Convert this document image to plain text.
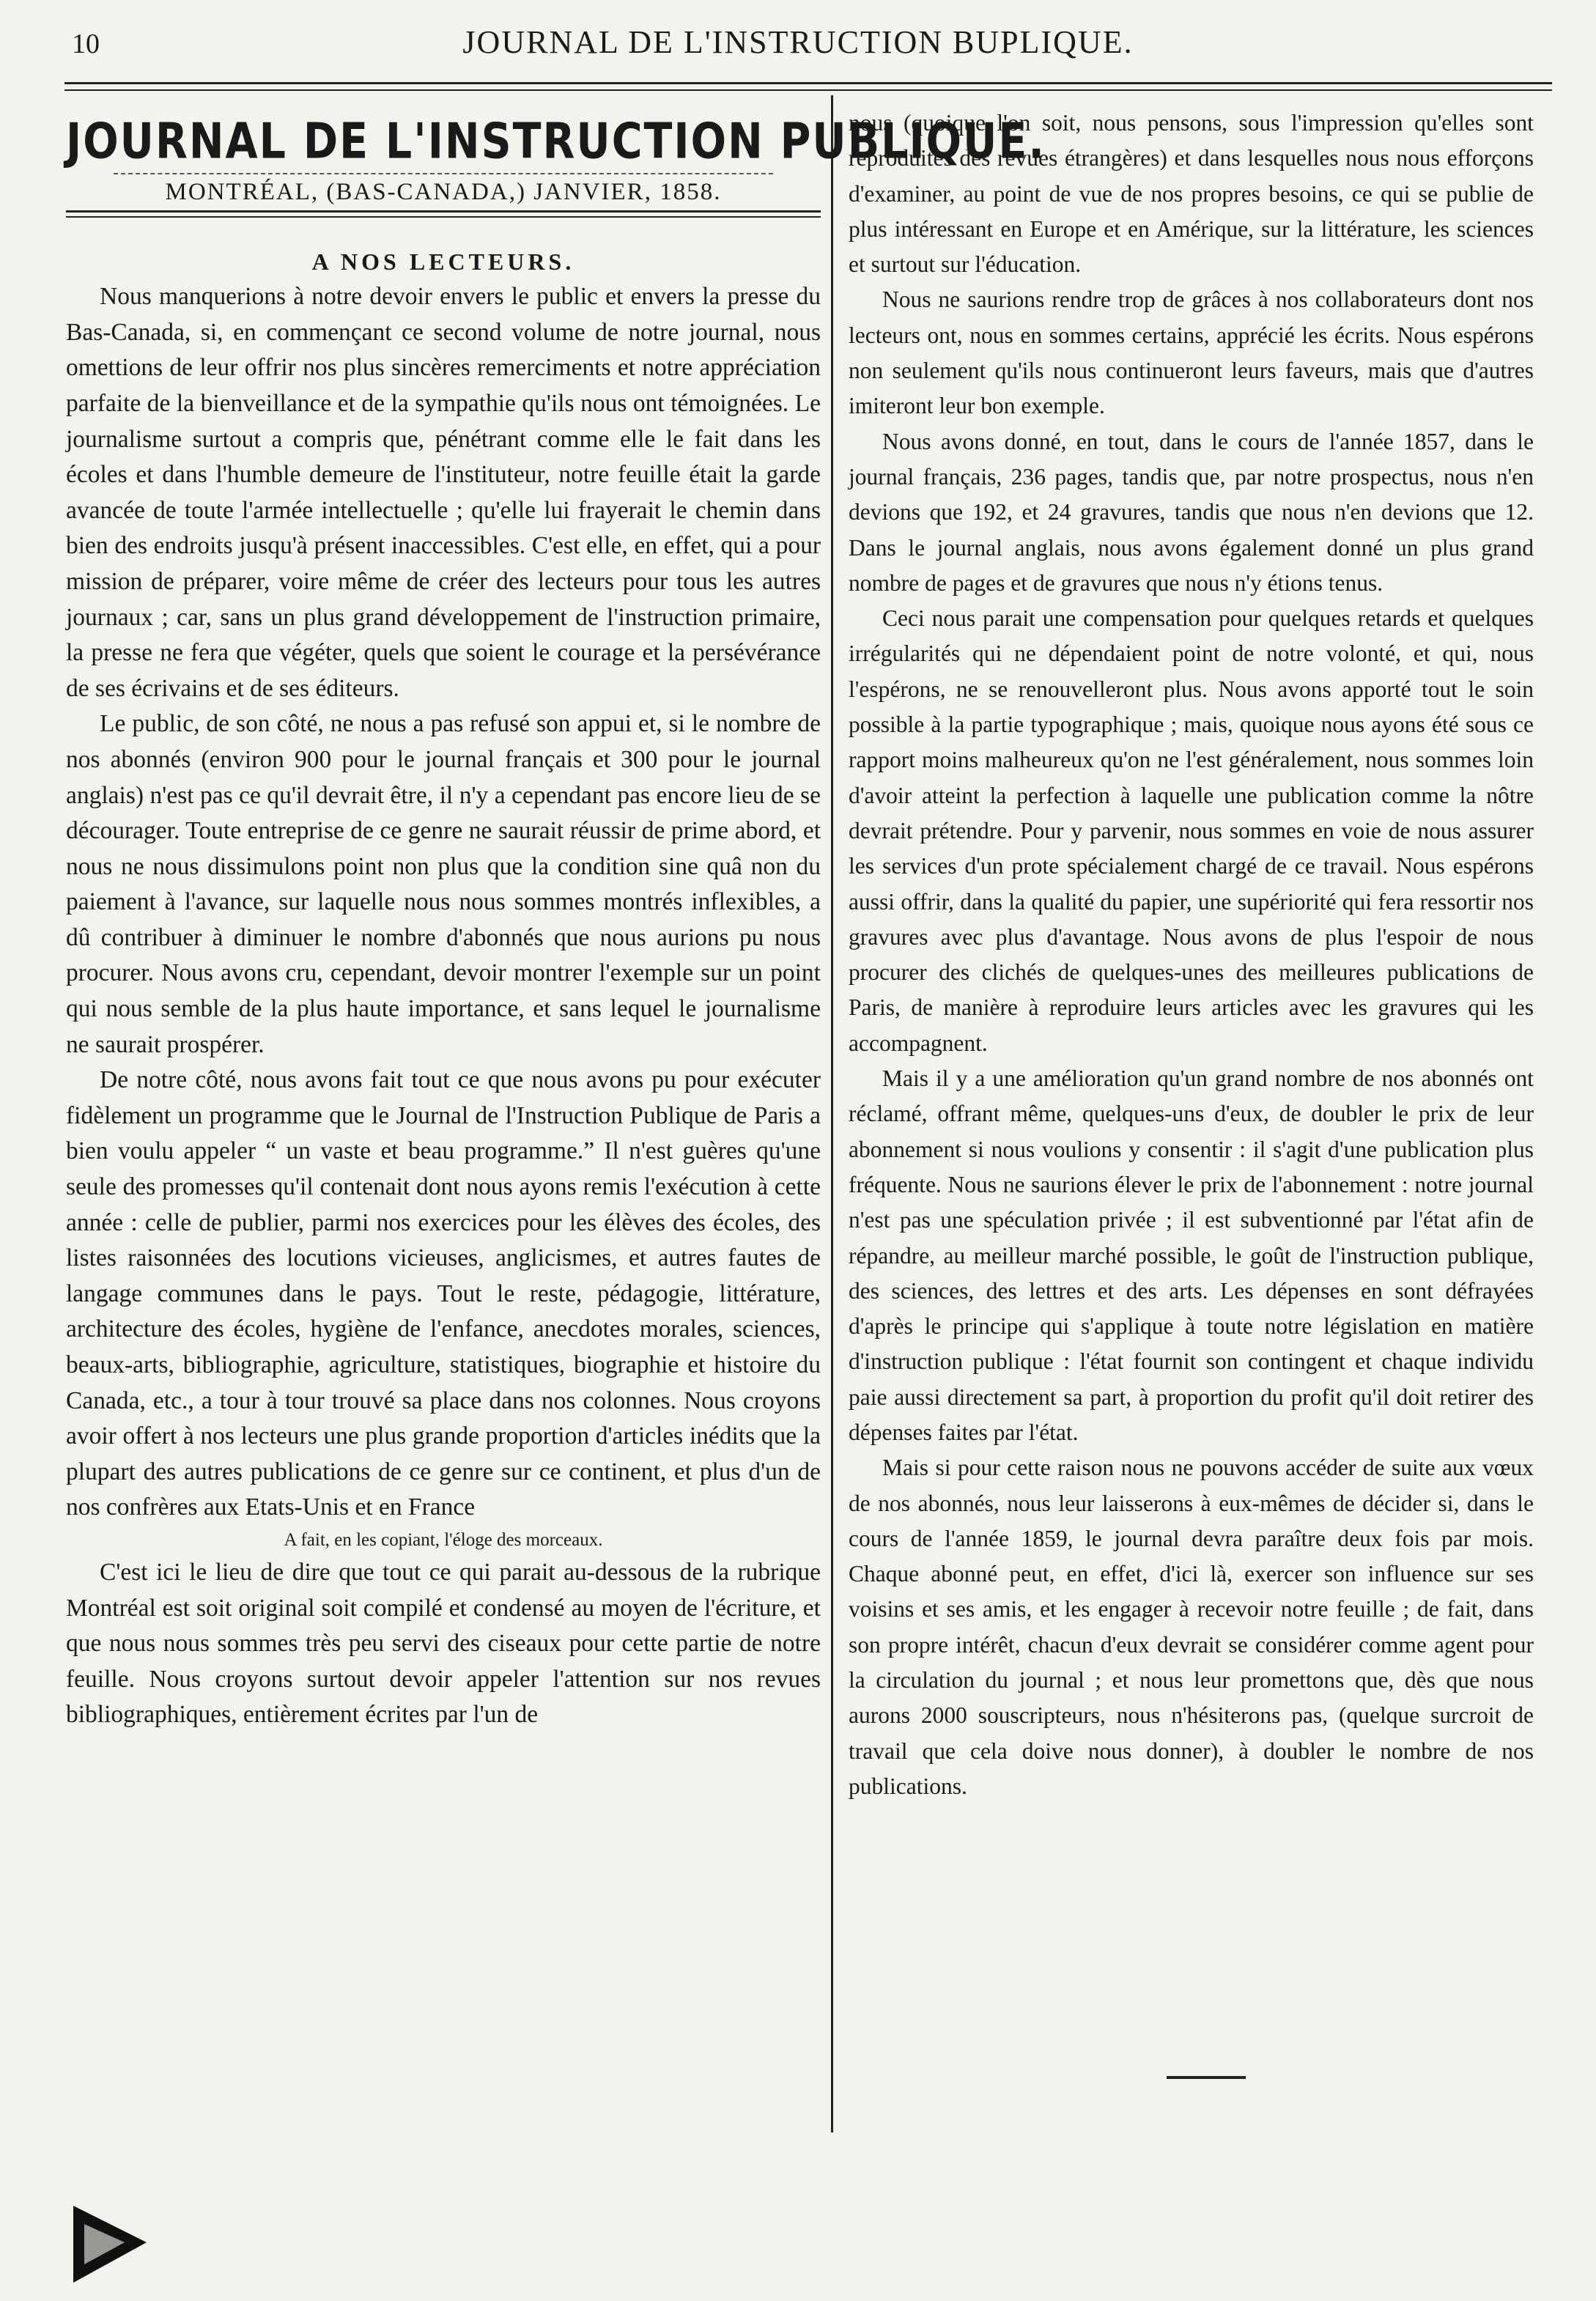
10	JOURNAL DE L'INSTRUCTION BUPLIQUE.
JOURNAL DE L'INSTRUCTION PUBLIQUE.

MONTRÉAL, (BAS-CANADA,) JANVIER, 1858.

A NOS LECTEURS.

Nous manquerions à notre devoir envers le public et envers la presse du Bas-Canada, si, en commençant ce second volume de notre journal, nous omettions de leur offrir nos plus sincères remerciments et notre appréciation parfaite de la bienveillance et de la sympathie qu'ils nous ont témoignées. Le journalisme surtout a compris que, pénétrant comme elle le fait dans les écoles et dans l'humble demeure de l'instituteur, notre feuille était la garde avancée de toute l'armée intellectuelle ; qu'elle lui frayerait le chemin dans bien des endroits jusqu'à présent inaccessibles. C'est elle, en effet, qui a pour mission de préparer, voire même de créer des lecteurs pour tous les autres journaux ; car, sans un plus grand développement de l'instruction primaire, la presse ne fera que végéter, quels que soient le courage et la persévérance de ses écrivains et de ses éditeurs.

Le public, de son côté, ne nous a pas refusé son appui et, si le nombre de nos abonnés (environ 900 pour le journal français et 300 pour le journal anglais) n'est pas ce qu'il devrait être, il n'y a cependant pas encore lieu de se décourager. Toute entreprise de ce genre ne saurait réussir de prime abord, et nous ne nous dissimulons point non plus que la condition sine quâ non du paiement à l'avance, sur laquelle nous nous sommes montrés inflexibles, a dû contribuer à diminuer le nombre d'abonnés que nous aurions pu nous procurer. Nous avons cru, cependant, devoir montrer l'exemple sur un point qui nous semble de la plus haute importance, et sans lequel le journalisme ne saurait prospérer.

De notre côté, nous avons fait tout ce que nous avons pu pour exécuter fidèlement un programme que le Journal de l'Instruction Publique de Paris a bien voulu appeler “ un vaste et beau programme.” Il n'est guères qu'une seule des promesses qu'il contenait dont nous ayons remis l'exécution à cette année : celle de publier, parmi nos exercices pour les élèves des écoles, des listes raisonnées des locutions vicieuses, anglicismes, et autres fautes de langage communes dans le pays. Tout le reste, pédagogie, littérature, architecture des écoles, hygiène de l'enfance, anecdotes morales, sciences, beaux-arts, bibliographie, agriculture, statistiques, biographie et histoire du Canada, etc., a tour à tour trouvé sa place dans nos colonnes. Nous croyons avoir offert à nos lecteurs une plus grande proportion d'articles inédits que la plupart des autres publications de ce genre sur ce continent, et plus d'un de nos confrères aux Etats-Unis et en France

A fait, en les copiant, l'éloge des morceaux.

C'est ici le lieu de dire que tout ce qui parait au-dessous de la rubrique Montréal est soit original soit compilé et condensé au moyen de l'écriture, et que nous nous sommes très peu servi des ciseaux pour cette partie de notre feuille. Nous croyons surtout devoir appeler l'attention sur nos revues bibliographiques, entièrement écrites par l'un de

nous (quoique l'on soit, nous pensons, sous l'impression qu'elles sont reproduites des revues étrangères) et dans lesquelles nous nous efforçons d'examiner, au point de vue de nos propres besoins, ce qui se publie de plus intéressant en Europe et en Amérique, sur la littérature, les sciences et surtout sur l'éducation.

Nous ne saurions rendre trop de grâces à nos collaborateurs dont nos lecteurs ont, nous en sommes certains, apprécié les écrits. Nous espérons non seulement qu'ils nous continueront leurs faveurs, mais que d'autres imiteront leur bon exemple.

Nous avons donné, en tout, dans le cours de l'année 1857, dans le journal français, 236 pages, tandis que, par notre prospectus, nous n'en devions que 192, et 24 gravures, tandis que nous n'en devions que 12. Dans le journal anglais, nous avons également donné un plus grand nombre de pages et de gravures que nous n'y étions tenus.

Ceci nous parait une compensation pour quelques retards et quelques irrégularités qui ne dépendaient point de notre volonté, et qui, nous l'espérons, ne se renouvelleront plus. Nous avons apporté tout le soin possible à la partie typographique ; mais, quoique nous ayons été sous ce rapport moins malheureux qu'on ne l'est généralement, nous sommes loin d'avoir atteint la perfection à laquelle une publication comme la nôtre devrait prétendre. Pour y parvenir, nous sommes en voie de nous assurer les services d'un prote spécialement chargé de ce travail. Nous espérons aussi offrir, dans la qualité du papier, une supériorité qui fera ressortir nos gravures avec plus d'avantage. Nous avons de plus l'espoir de nous procurer des clichés de quelques-unes des meilleures publications de Paris, de manière à reproduire leurs articles avec les gravures qui les accompagnent.

Mais il y a une amélioration qu'un grand nombre de nos abonnés ont réclamé, offrant même, quelques-uns d'eux, de doubler le prix de leur abonnement si nous voulions y consentir : il s'agit d'une publication plus fréquente. Nous ne saurions élever le prix de l'abonnement : notre journal n'est pas une spéculation privée ; il est subventionné par l'état afin de répandre, au meilleur marché possible, le goût de l'instruction publique, des sciences, des lettres et des arts. Les dépenses en sont défrayées d'après le principe qui s'applique à toute notre législation en matière d'instruction publique : l'état fournit son contingent et chaque individu paie aussi directement sa part, à proportion du profit qu'il doit retirer des dépenses faites par l'état.

Mais si pour cette raison nous ne pouvons accéder de suite aux vœux de nos abonnés, nous leur laisserons à eux-mêmes de décider si, dans le cours de l'année 1859, le journal devra paraître deux fois par mois. Chaque abonné peut, en effet, d'ici là, exercer son influence sur ses voisins et ses amis, et les engager à recevoir notre feuille ; de fait, dans son propre intérêt, chacun d'eux devrait se considérer comme agent pour la circulation du journal ; et nous leur promettons que, dès que nous aurons 2000 souscripteurs, nous n'hésiterons pas, (quelque surcroit de travail que cela doive nous donner), à doubler le nombre de nos publications.
